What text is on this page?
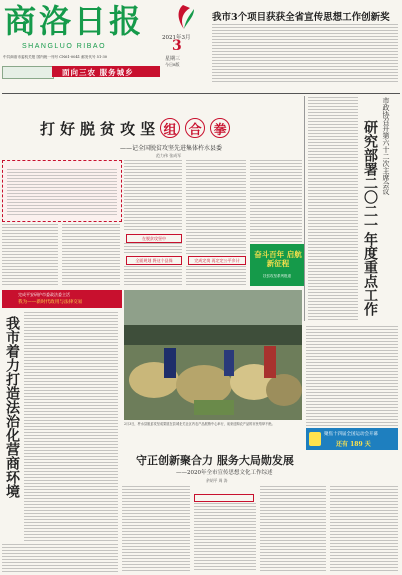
商洛日报
SHANGLUO RIBAO
2021年3月
3
星期三
今日8版
我市3个项目获获全省宣传思想工作创新奖
中共商洛市委机关报 国内统一刊号 CN61-0041 邮发代号 51-30
面向三农 服务城乡
打 好 脱 贫 攻 坚 组 合 拳
——记全国脱贫攻坚先进集体杵水县委
范力伟 张成军
在脱贫攻坚中
全面规划 将这个县保	完成定岗 再定定公平乡计
奋斗百年 启航新征程
扶贫攻坚系列报道
市政协召开第六十二次主席会议
研究部署二〇二一年度重点工作
完成平安研护市委政法委主活
我为——新时代政用与法律交易
我市着力打造法治化营商环境	2月3日，杵水县脱贫攻坚成果展在县城北关社区内农产品展销中心举行，前来选购农产品的市民络绎不绝。
聚焦十四届全国运动会开幕
还有 189 天
守正创新聚合力 服务大局勋发展
——2020年全市宣传思想文化工作综述
余胡平 周 涛
